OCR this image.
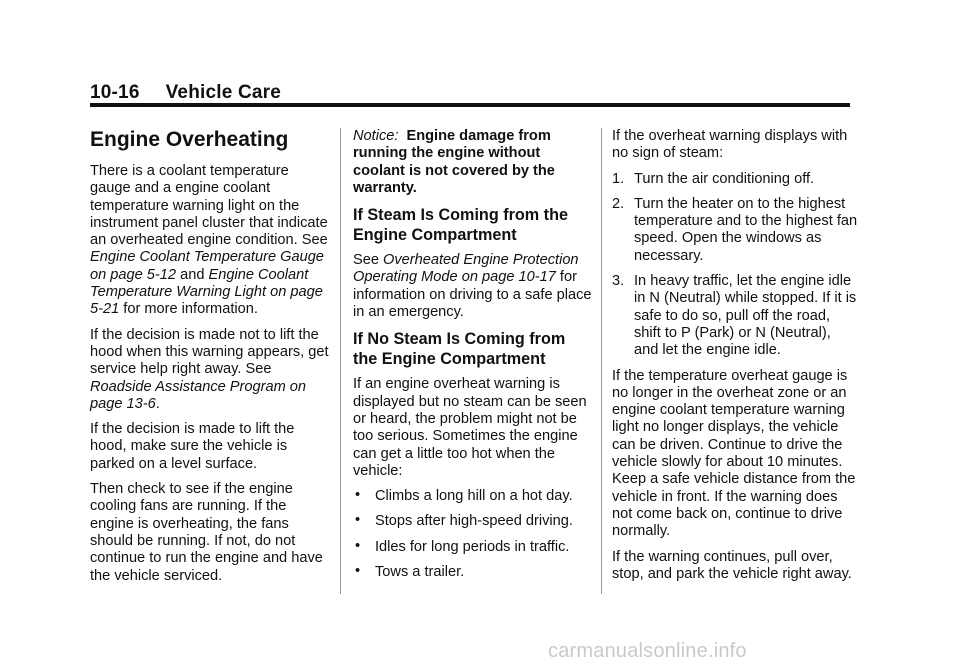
10-16 Vehicle Care
Engine Overheating

There is a coolant temperature gauge and a engine coolant temperature warning light on the instrument panel cluster that indicate an overheated engine condition. See Engine Coolant Temperature Gauge on page 5-12 and Engine Coolant Temperature Warning Light on page 5-21 for more information.

If the decision is made not to lift the hood when this warning appears, get service help right away. See Roadside Assistance Program on page 13-6.

If the decision is made to lift the hood, make sure the vehicle is parked on a level surface.

Then check to see if the engine cooling fans are running. If the engine is overheating, the fans should be running. If not, do not continue to run the engine and have the vehicle serviced.

Notice: Engine damage from running the engine without coolant is not covered by the warranty.

If Steam Is Coming from the Engine Compartment

See Overheated Engine Protection Operating Mode on page 10-17 for information on driving to a safe place in an emergency.

If No Steam Is Coming from the Engine Compartment

If an engine overheat warning is displayed but no steam can be seen or heard, the problem might not be too serious. Sometimes the engine can get a little too hot when the vehicle:

• Climbs a long hill on a hot day.
• Stops after high-speed driving.
• Idles for long periods in traffic.
• Tows a trailer.

If the overheat warning displays with no sign of steam:

1. Turn the air conditioning off.
2. Turn the heater on to the highest temperature and to the highest fan speed. Open the windows as necessary.
3. In heavy traffic, let the engine idle in N (Neutral) while stopped. If it is safe to do so, pull off the road, shift to P (Park) or N (Neutral), and let the engine idle.

If the temperature overheat gauge is no longer in the overheat zone or an engine coolant temperature warning light no longer displays, the vehicle can be driven. Continue to drive the vehicle slowly for about 10 minutes. Keep a safe vehicle distance from the vehicle in front. If the warning does not come back on, continue to drive normally.

If the warning continues, pull over, stop, and park the vehicle right away.

carmanualsonline.info
